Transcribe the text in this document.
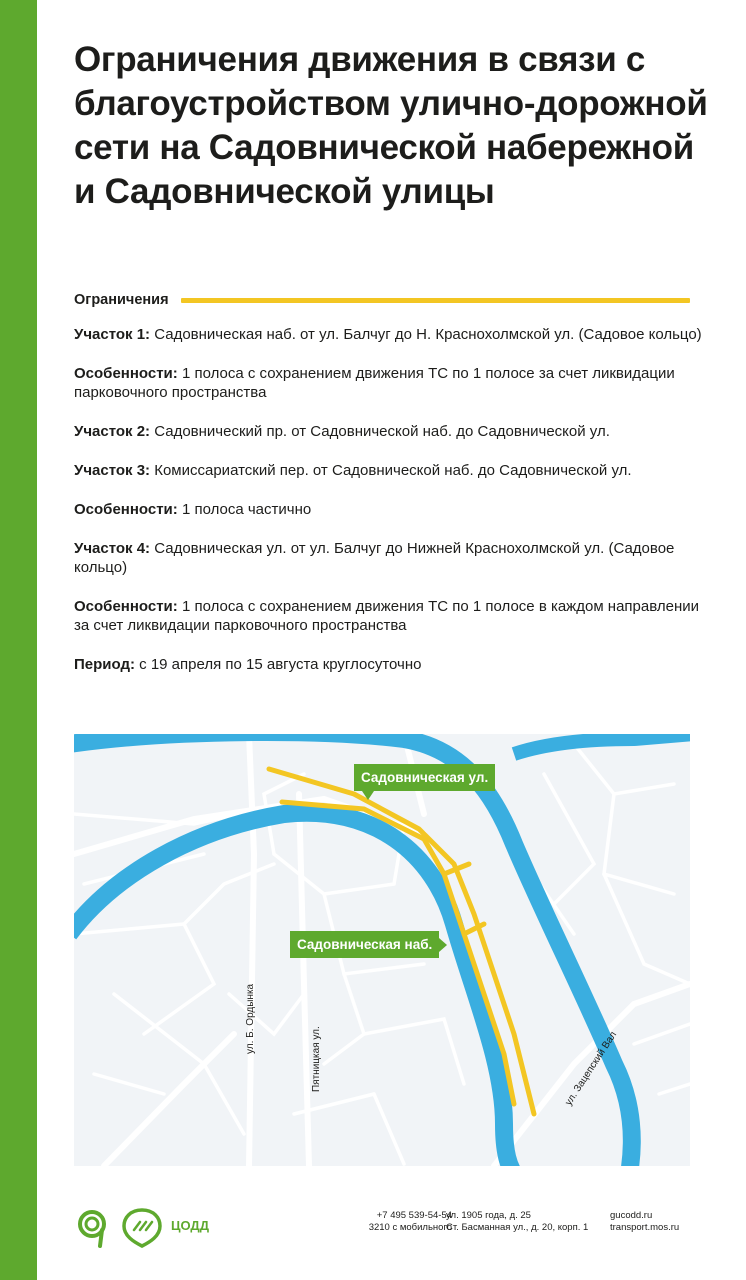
Ограничения движения в связи с благоустройством улично-дорожной сети на Садовнической набережной и Садовнической улицы
Ограничения

Участок 1: Садовническая наб. от ул. Балчуг до Н. Краснохолмской ул. (Садовое кольцо)

Особенности: 1 полоса с сохранением движения ТС по 1 полосе за счет ликвидации парковочного пространства

Участок 2: Садовнический пр. от Садовнической наб. до Садовнической ул.

Участок 3: Комиссариатский пер. от Садовнической наб. до Садовнической ул.

Особенности: 1 полоса частично

Участок 4: Садовническая ул. от ул. Балчуг до Нижней Краснохолмской ул. (Садовое кольцо)

Особенности: 1 полоса с сохранением движения ТС по 1 полосе в каждом направлении за счет ликвидации парковочного пространства

Период: с 19 апреля по 15 августа круглосуточно

ул. Б. Ордынка
Пятницкая ул.	ул. Зацепский Вал
Садовническая ул.
Садовническая наб.
ЦОДД
+7 495 539-54-54
3210 с мобильного
ул. 1905 года, д. 25
Ст. Басманная ул., д. 20, корп. 1
gucodd.ru
transport.mos.ru
